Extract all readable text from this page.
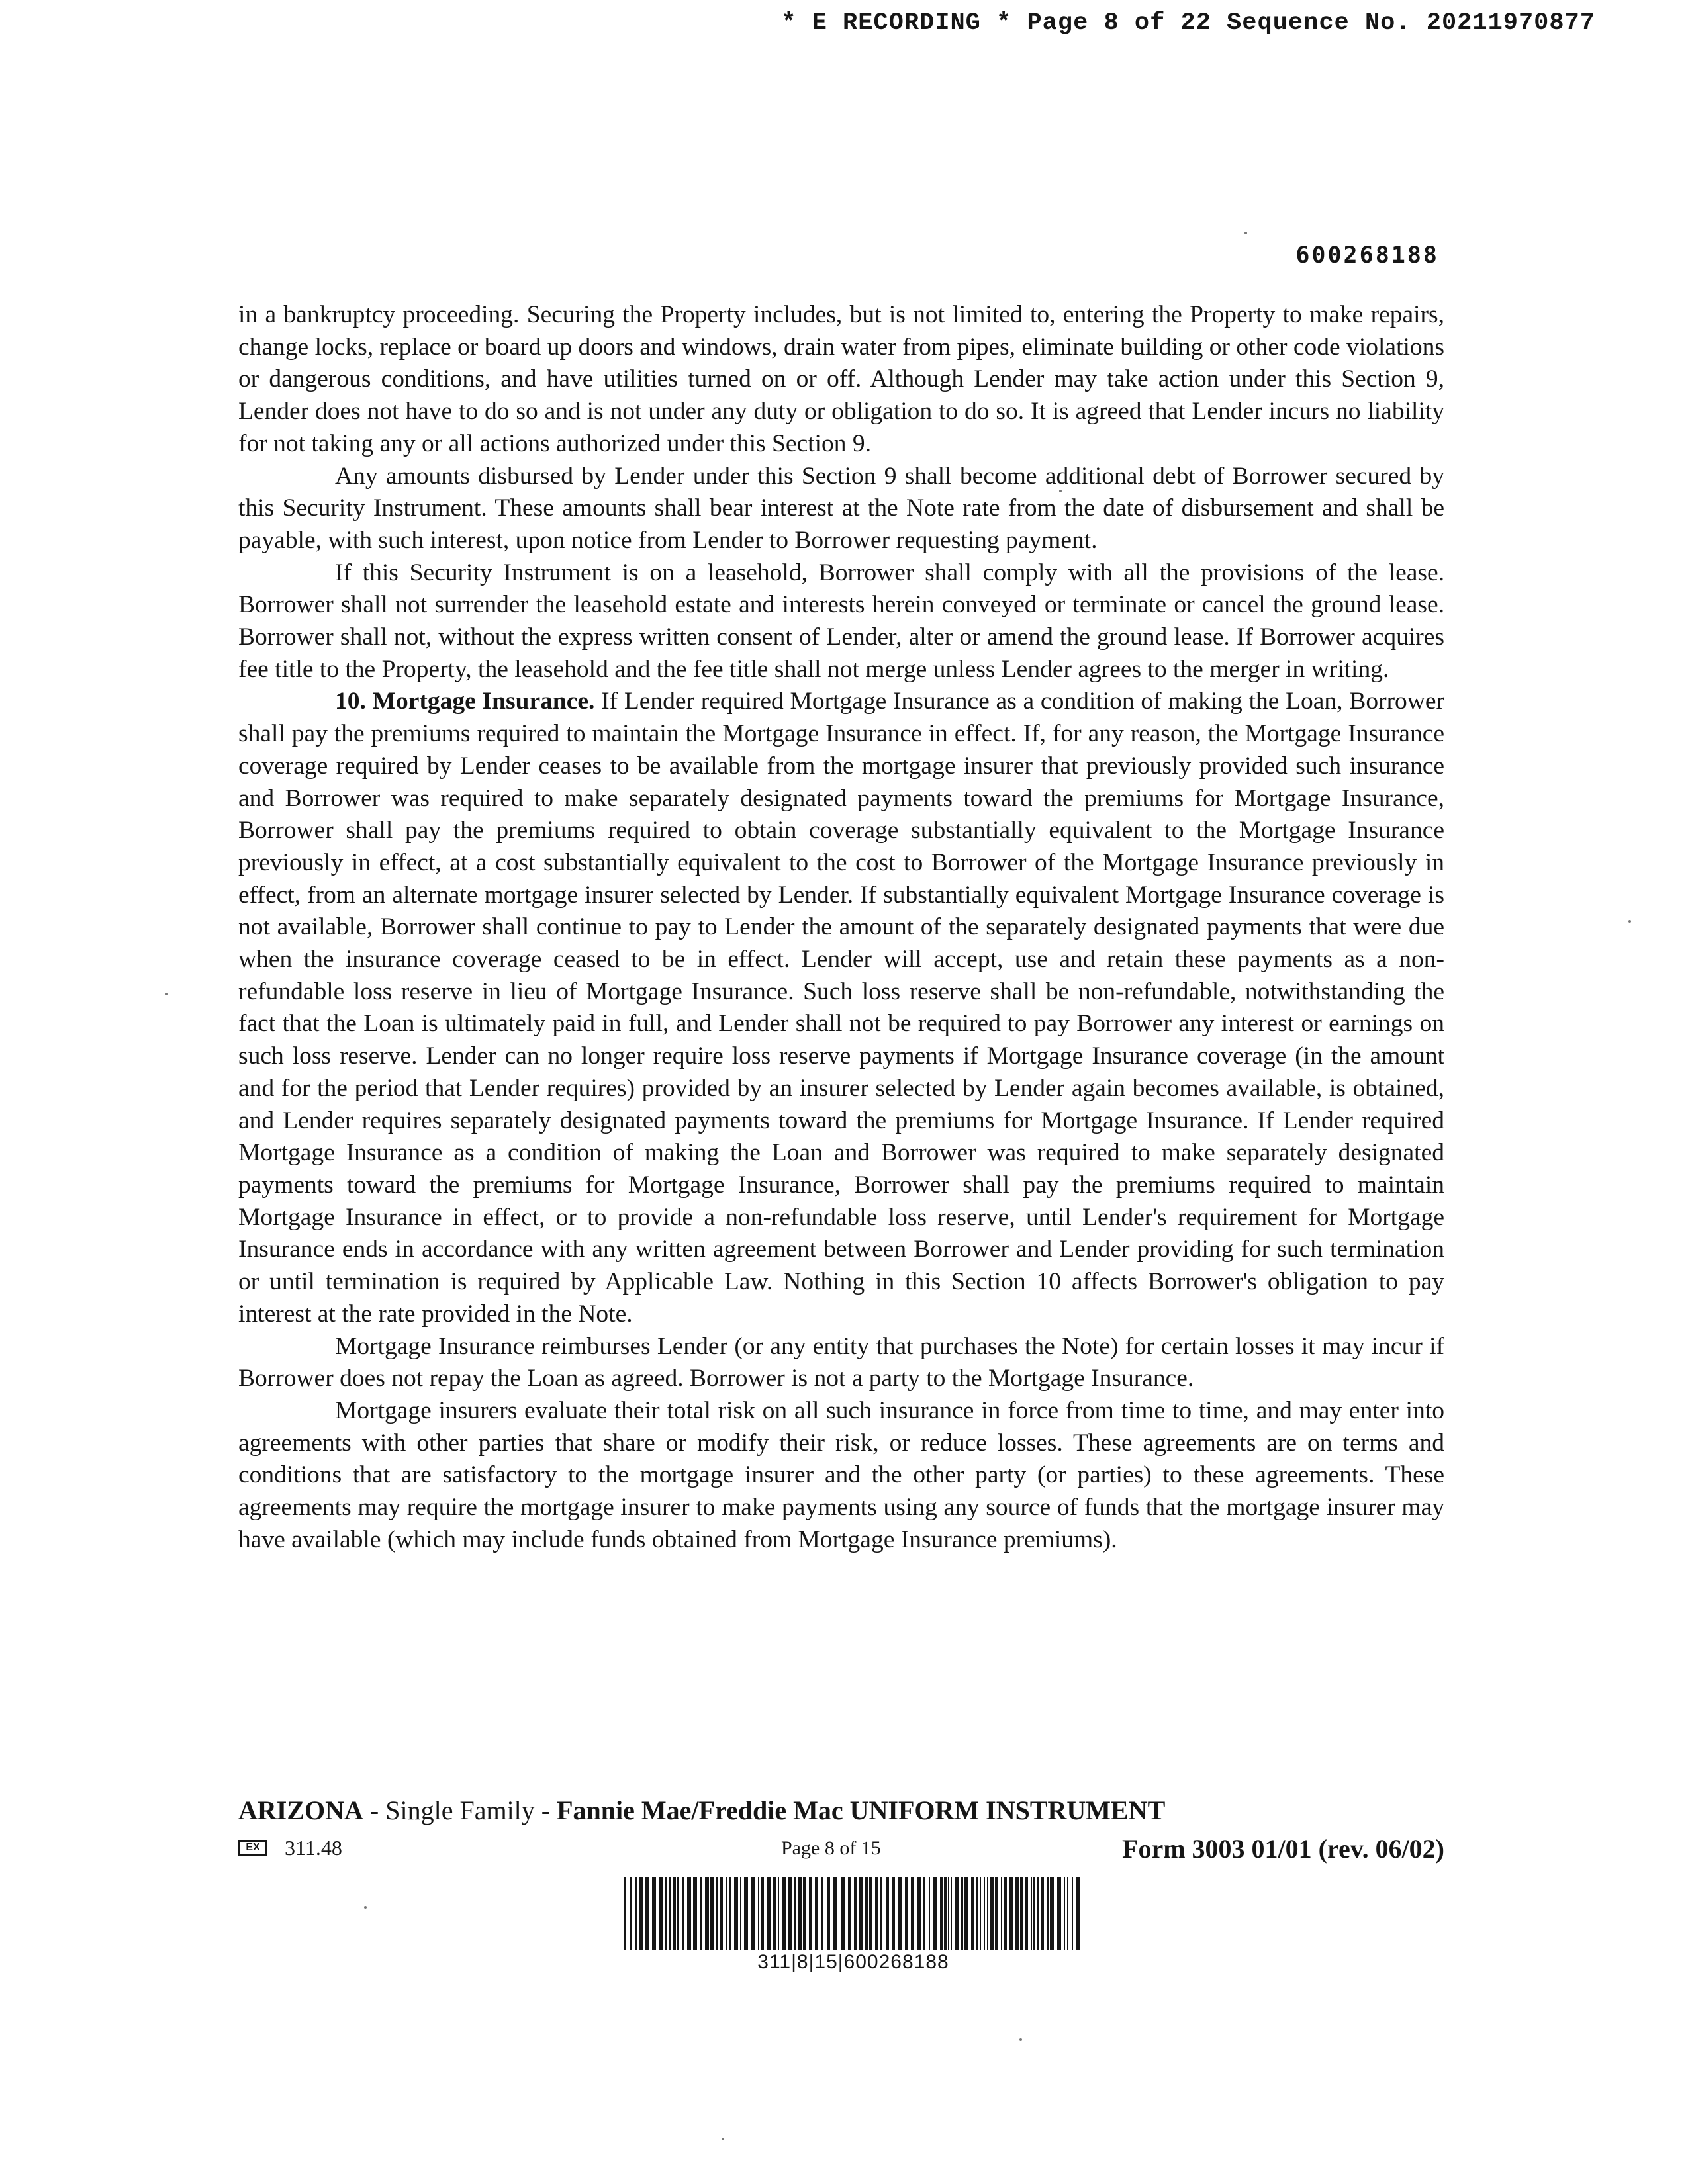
* E RECORDING * Page 8 of 22 Sequence No. 20211970877
600268188

in a bankruptcy proceeding. Securing the Property includes, but is not limited to, entering the Property to make repairs, change locks, replace or board up doors and windows, drain water from pipes, eliminate building or other code violations or dangerous conditions, and have utilities turned on or off. Although Lender may take action under this Section 9, Lender does not have to do so and is not under any duty or obligation to do so. It is agreed that Lender incurs no liability for not taking any or all actions authorized under this Section 9.

Any amounts disbursed by Lender under this Section 9 shall become additional debt of Borrower secured by this Security Instrument. These amounts shall bear interest at the Note rate from the date of disbursement and shall be payable, with such interest, upon notice from Lender to Borrower requesting payment.

If this Security Instrument is on a leasehold, Borrower shall comply with all the provisions of the lease. Borrower shall not surrender the leasehold estate and interests herein conveyed or terminate or cancel the ground lease. Borrower shall not, without the express written consent of Lender, alter or amend the ground lease. If Borrower acquires fee title to the Property, the leasehold and the fee title shall not merge unless Lender agrees to the merger in writing.

10. Mortgage Insurance. If Lender required Mortgage Insurance as a condition of making the Loan, Borrower shall pay the premiums required to maintain the Mortgage Insurance in effect. If, for any reason, the Mortgage Insurance coverage required by Lender ceases to be available from the mortgage insurer that previously provided such insurance and Borrower was required to make separately designated payments toward the premiums for Mortgage Insurance, Borrower shall pay the premiums required to obtain coverage substantially equivalent to the Mortgage Insurance previously in effect, at a cost substantially equivalent to the cost to Borrower of the Mortgage Insurance previously in effect, from an alternate mortgage insurer selected by Lender. If substantially equivalent Mortgage Insurance coverage is not available, Borrower shall continue to pay to Lender the amount of the separately designated payments that were due when the insurance coverage ceased to be in effect. Lender will accept, use and retain these payments as a non-refundable loss reserve in lieu of Mortgage Insurance. Such loss reserve shall be non-refundable, notwithstanding the fact that the Loan is ultimately paid in full, and Lender shall not be required to pay Borrower any interest or earnings on such loss reserve. Lender can no longer require loss reserve payments if Mortgage Insurance coverage (in the amount and for the period that Lender requires) provided by an insurer selected by Lender again becomes available, is obtained, and Lender requires separately designated payments toward the premiums for Mortgage Insurance. If Lender required Mortgage Insurance as a condition of making the Loan and Borrower was required to make separately designated payments toward the premiums for Mortgage Insurance, Borrower shall pay the premiums required to maintain Mortgage Insurance in effect, or to provide a non-refundable loss reserve, until Lender's requirement for Mortgage Insurance ends in accordance with any written agreement between Borrower and Lender providing for such termination or until termination is required by Applicable Law. Nothing in this Section 10 affects Borrower's obligation to pay interest at the rate provided in the Note.

Mortgage Insurance reimburses Lender (or any entity that purchases the Note) for certain losses it may incur if Borrower does not repay the Loan as agreed. Borrower is not a party to the Mortgage Insurance.

Mortgage insurers evaluate their total risk on all such insurance in force from time to time, and may enter into agreements with other parties that share or modify their risk, or reduce losses. These agreements are on terms and conditions that are satisfactory to the mortgage insurer and the other party (or parties) to these agreements. These agreements may require the mortgage insurer to make payments using any source of funds that the mortgage insurer may have available (which may include funds obtained from Mortgage Insurance premiums).

ARIZONA - Single Family - Fannie Mae/Freddie Mac UNIFORM INSTRUMENT
EX	311.48	Page 8 of 15	Form 3003 01/01 (rev. 06/02)
311|8|15|600268188
